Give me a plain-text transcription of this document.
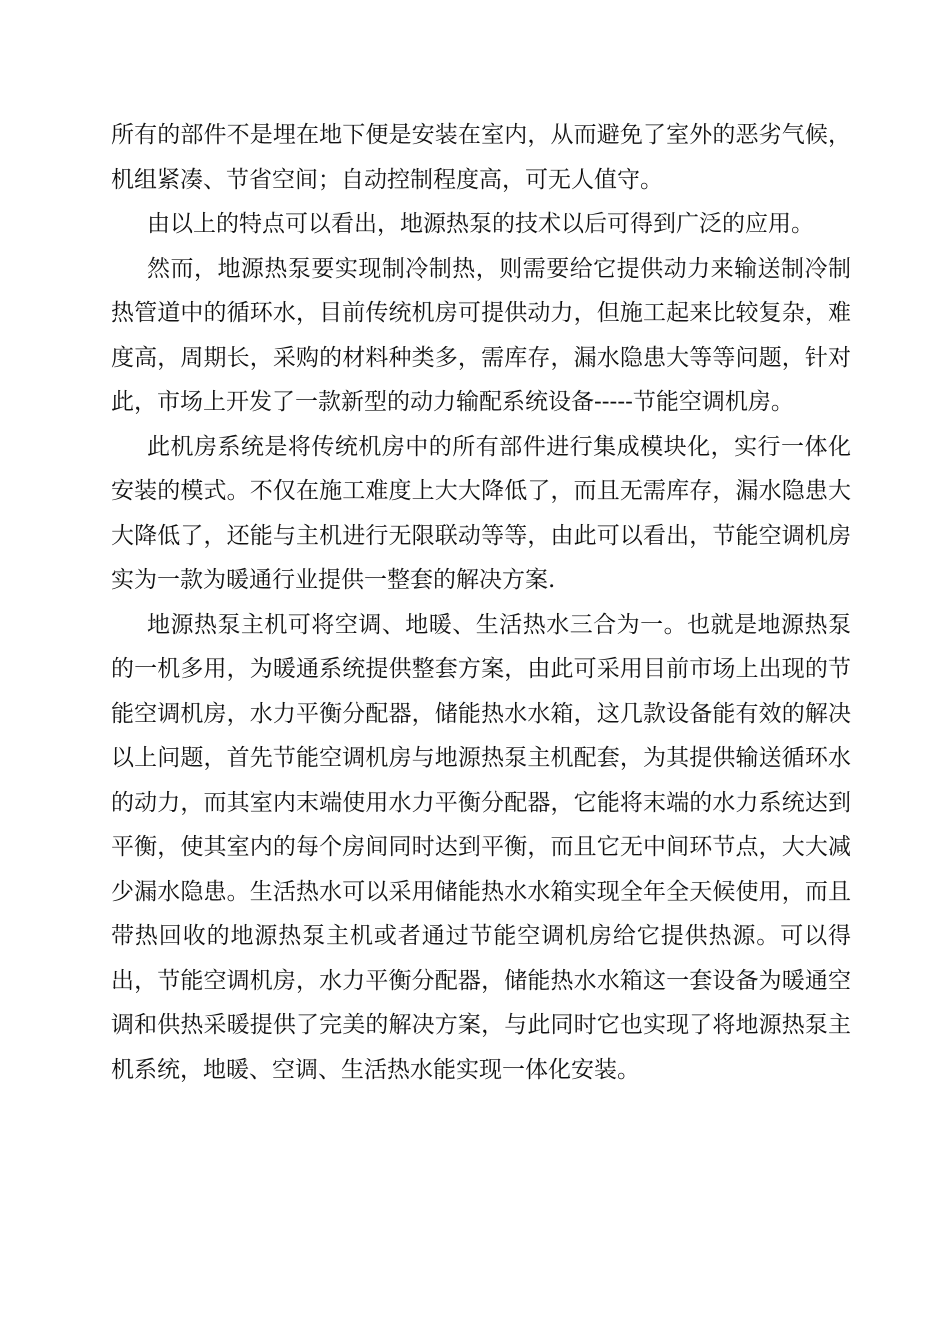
所有的部件不是埋在地下便是安装在室内，从而避免了室外的恶劣气候，机组紧凑、节省空间；自动控制程度高，可无人值守。

由以上的特点可以看出，地源热泵的技术以后可得到广泛的应用。

然而，地源热泵要实现制冷制热，则需要给它提供动力来输送制冷制热管道中的循环水，目前传统机房可提供动力，但施工起来比较复杂，难度高，周期长，采购的材料种类多，需库存，漏水隐患大等等问题，针对此，市场上开发了一款新型的动力输配系统设备-----节能空调机房。

此机房系统是将传统机房中的所有部件进行集成模块化，实行一体化安装的模式。不仅在施工难度上大大降低了，而且无需库存，漏水隐患大大降低了，还能与主机进行无限联动等等，由此可以看出，节能空调机房实为一款为暖通行业提供一整套的解决方案.

地源热泵主机可将空调、地暖、生活热水三合为一。也就是地源热泵的一机多用，为暖通系统提供整套方案，由此可采用目前市场上出现的节能空调机房，水力平衡分配器，储能热水水箱，这几款设备能有效的解决以上问题，首先节能空调机房与地源热泵主机配套，为其提供输送循环水的动力，而其室内末端使用水力平衡分配器，它能将末端的水力系统达到平衡，使其室内的每个房间同时达到平衡，而且它无中间环节点，大大减少漏水隐患。生活热水可以采用储能热水水箱实现全年全天候使用，而且带热回收的地源热泵主机或者通过节能空调机房给它提供热源。可以得出，节能空调机房，水力平衡分配器，储能热水水箱这一套设备为暖通空调和供热采暖提供了完美的解决方案，与此同时它也实现了将地源热泵主机系统，地暖、空调、生活热水能实现一体化安装。
